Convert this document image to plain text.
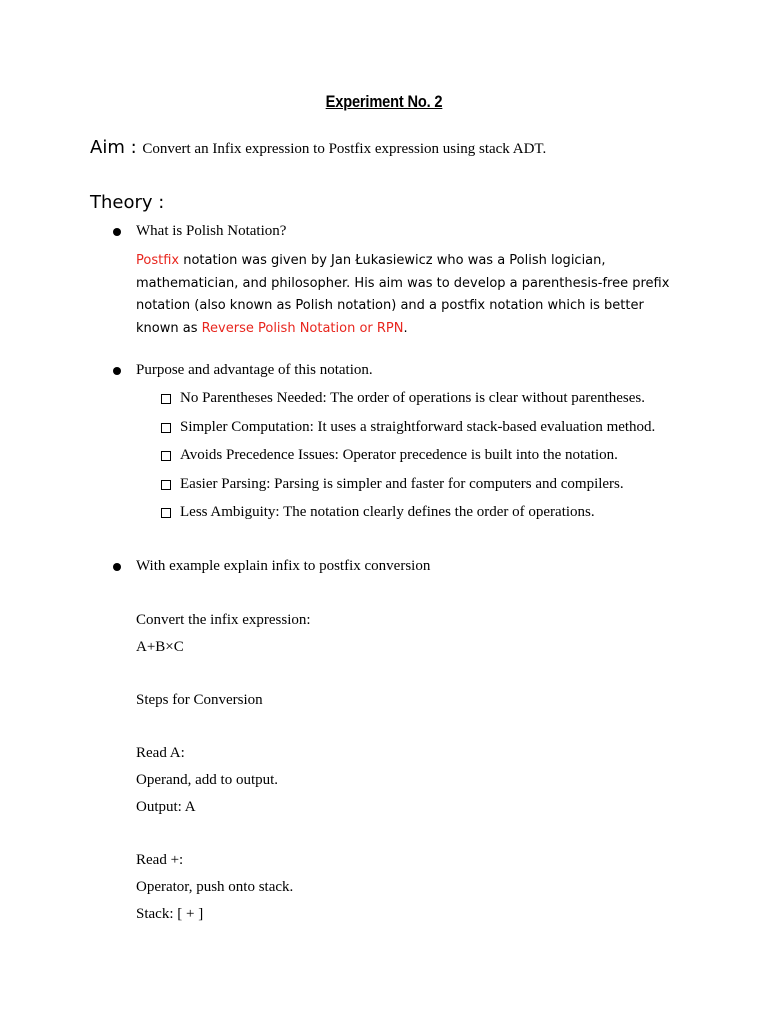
Experiment No. 2
Aim : Convert an Infix expression to Postfix expression using stack ADT.
Theory :
What is Polish Notation?
Postfix notation was given by Jan Łukasiewicz who was a Polish logician, mathematician, and philosopher. His aim was to develop a parenthesis-free prefix notation (also known as Polish notation) and a postfix notation which is better known as Reverse Polish Notation or RPN.
Purpose and advantage of this notation.
No Parentheses Needed: The order of operations is clear without parentheses.
Simpler Computation: It uses a straightforward stack-based evaluation method.
Avoids Precedence Issues: Operator precedence is built into the notation.
Easier Parsing: Parsing is simpler and faster for computers and compilers.
Less Ambiguity: The notation clearly defines the order of operations.
With example explain infix to postfix conversion
Convert the infix expression:
A+B×C
Steps for Conversion
Read A:
Operand, add to output.
Output: A
Read +:
Operator, push onto stack.
Stack: [ + ]
